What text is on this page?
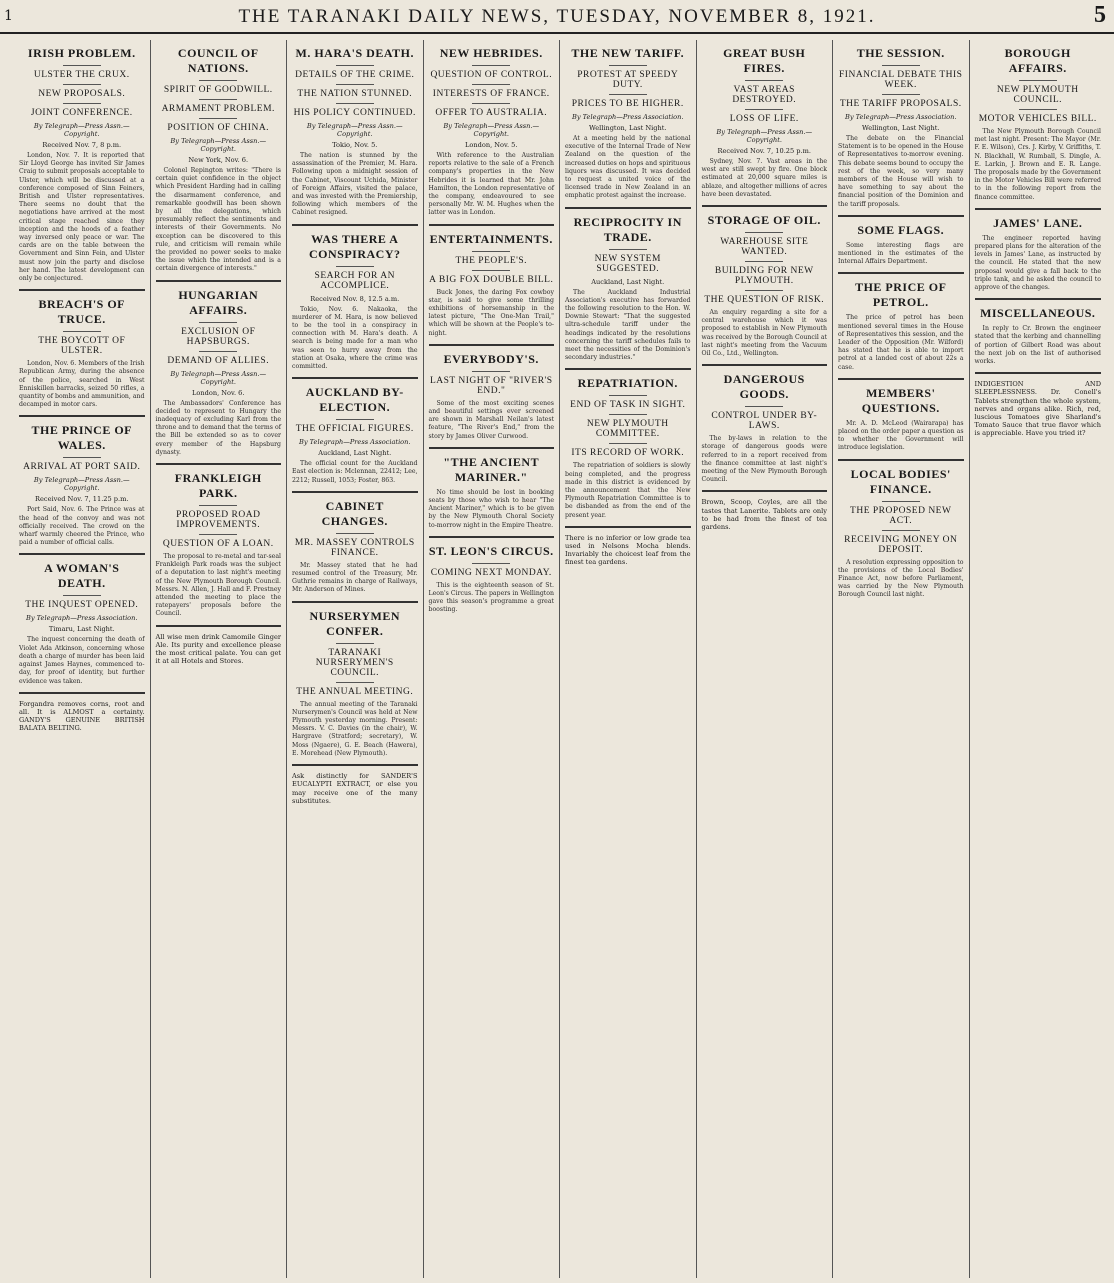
1	THE TARANAKI DAILY NEWS, TUESDAY, NOVEMBER 8, 1921.	5
IRISH PROBLEM.
ULSTER THE CRUX.
NEW PROPOSALS.
JOINT CONFERENCE.
By Telegraph—Press Assn.—Copyright.
Received Nov. 7, 8 p.m.
London, Nov. 7. It is reported that Sir Lloyd George has invited Sir James Craig to submit proposals acceptable to Ulster, which will be discussed at a conference composed of Sinn Feiners, British and Ulster representatives. There seems no doubt that the negotiations have arrived at the most critical stage reached since they inception and the hoods of a feather way inversed only peace or war. The cards are on the table between the Government and Sinn Fein, and Ulster must now join the party and disclose her hand. The latest development can only be conjectured.
BREACH'S OF TRUCE.
THE BOYCOTT OF ULSTER.
London, Nov. 6. Members of the Irish Republican Army, during the absence of the police, searched in West Enniskillen barracks, seized 50 rifles, a quantity of bombs and ammunition, and decamped in motor cars.
THE PRINCE OF WALES.
ARRIVAL AT PORT SAID.
By Telegraph—Press Assn.—Copyright.
Received Nov. 7, 11.25 p.m.
Port Said, Nov. 6. The Prince was at the head of the convoy and was not officially received. The crowd on the wharf warmly cheered the Prince, who paid a number of official calls.
A WOMAN'S DEATH.
THE INQUEST OPENED.
By Telegraph—Press Association.
Timaru, Last Night.
The inquest concerning the death of Violet Ada Atkinson, concerning whose death a charge of murder has been laid against James Haynes, commenced to-day, for proof of identity, but further evidence was taken.
Forgandra removes corns, root and all. It is ALMOST a certainty. GANDY'S GENUINE BRITISH BALATA BELTING.
COUNCIL OF NATIONS.
SPIRIT OF GOODWILL.
ARMAMENT PROBLEM.
POSITION OF CHINA.
By Telegraph—Press Assn.—Copyright.
New York, Nov. 6.
Colonel Repington writes: "There is certain quiet confidence in the object which President Harding had in calling the disarmament conference, and remarkable goodwill has been shown by all the delegations, which presumably reflect the sentiments and interests of their Governments. No exception can be discovered to this rule, and criticism will remain while the provided no power seeks to make the issue which the intended and is a certain divergence of interests."
HUNGARIAN AFFAIRS.
EXCLUSION OF HAPSBURGS.
DEMAND OF ALLIES.
By Telegraph—Press Assn.—Copyright.
London, Nov. 6.
The Ambassadors' Conference has decided to represent to Hungary the inadequacy of excluding Karl from the throne and to demand that the terms of the Bill be extended so as to cover every member of the Hapsburg dynasty.
FRANKLEIGH PARK.
PROPOSED ROAD IMPROVEMENTS.
QUESTION OF A LOAN.
The proposal to re-metal and tar-seal Frankleigh Park roads was the subject of a deputation to last night's meeting of the New Plymouth Borough Council. Messrs. N. Allen, J. Hall and F. Prestney attended the meeting to place the ratepayers' proposals before the Council.
All wise men drink Camomile Ginger Ale. Its purity and excellence please the most critical palate. You can get it at all Hotels and Stores.
M. HARA'S DEATH.
DETAILS OF THE CRIME.
THE NATION STUNNED.
HIS POLICY CONTINUED.
By Telegraph—Press Assn.—Copyright.
Tokio, Nov. 5.
The nation is stunned by the assassination of the Premier, M. Hara. Following upon a midnight session of the Cabinet, Viscount Uchida, Minister of Foreign Affairs, visited the palace, and was invested with the Premiership, following which members of the Cabinet resigned.
WAS THERE A CONSPIRACY?
SEARCH FOR AN ACCOMPLICE.
Received Nov. 8, 12.5 a.m.
Tokio, Nov. 6. Nakaoka, the murderer of M. Hara, is now believed to be the tool in a conspiracy in connection with M. Hara's death. A search is being made for a man who was seen to hurry away from the station at Osaka, where the crime was committed.
AUCKLAND BY-ELECTION.
THE OFFICIAL FIGURES.
By Telegraph—Press Association.
Auckland, Last Night.
The official count for the Auckland East election is: Mclennan, 22412; Lee, 2212; Russell, 1053; Foster, 863.
CABINET CHANGES.
MR. MASSEY CONTROLS FINANCE.
Mr. Massey stated that he had resumed control of the Treasury, Mr. Guthrie remains in charge of Railways, Mr. Anderson of Mines.
NURSERYMEN CONFER.
TARANAKI NURSERYMEN'S COUNCIL.
THE ANNUAL MEETING.
The annual meeting of the Taranaki Nurserymen's Council was held at New Plymouth yesterday morning. Present: Messrs. V. C. Davies (in the chair), W. Hargrave (Stratford; secretary), W. Moss (Ngaere), G. E. Beach (Hawera), E. Morehead (New Plymouth).
Ask distinctly for SANDER'S EUCALYPTI EXTRACT, or else you may receive one of the many substitutes.
NEW HEBRIDES.
QUESTION OF CONTROL.
INTERESTS OF FRANCE.
OFFER TO AUSTRALIA.
By Telegraph—Press Assn.—Copyright.
London, Nov. 5.
With reference to the Australian reports relative to the sale of a French company's properties in the New Hebrides it is learned that Mr. John Hamilton, the London representative of the company, endeavoured to see personally Mr. W. M. Hughes when the latter was in London.
ENTERTAINMENTS.
THE PEOPLE'S.
A BIG FOX DOUBLE BILL.
Buck Jones, the daring Fox cowboy star, is said to give some thrilling exhibitions of horsemanship in the latest picture, "The One-Man Trail," which will be shown at the People's to-night.
EVERYBODY'S.
LAST NIGHT OF "RIVER'S END."
Some of the most exciting scenes and beautiful settings ever screened are shown in Marshall Neilan's latest feature, "The River's End," from the story by James Oliver Curwood.
"THE ANCIENT MARINER."
No time should be lost in booking seats by those who wish to hear "The Ancient Mariner," which is to be given by the New Plymouth Choral Society to-morrow night in the Empire Theatre.
ST. LEON'S CIRCUS.
COMING NEXT MONDAY.
This is the eighteenth season of St. Leon's Circus. The papers in Wellington gave this season's programme a great boosting.
THE NEW TARIFF.
PROTEST AT SPEEDY DUTY.
PRICES TO BE HIGHER.
By Telegraph—Press Association.
Wellington, Last Night.
At a meeting held by the national executive of the Internal Trade of New Zealand on the question of the increased duties on hops and spirituous liquors was discussed. It was decided to request a united voice of the licensed trade in New Zealand in an emphatic protest against the increase.
RECIPROCITY IN TRADE.
NEW SYSTEM SUGGESTED.
Auckland, Last Night.
The Auckland Industrial Association's executive has forwarded the following resolution to the Hon. W. Downie Stewart: "That the suggested ultra-schedule tariff under the headings indicated by the resolutions concerning the tariff schedules fails to meet the necessities of the Dominion's secondary industries."
REPATRIATION.
END OF TASK IN SIGHT.
NEW PLYMOUTH COMMITTEE.
ITS RECORD OF WORK.
The repatriation of soldiers is slowly being completed, and the progress made in this district is evidenced by the announcement that the New Plymouth Repatriation Committee is to be disbanded as from the end of the present year.
There is no inferior or low grade tea used in Nelsons Mocha blends. Invariably the choicest leaf from the finest tea gardens.
GREAT BUSH FIRES.
VAST AREAS DESTROYED.
LOSS OF LIFE.
By Telegraph—Press Assn.—Copyright.
Received Nov. 7, 10.25 p.m.
Sydney, Nov. 7. Vast areas in the west are still swept by fire. One block estimated at 20,000 square miles is ablaze, and altogether millions of acres have been devastated.
STORAGE OF OIL.
WAREHOUSE SITE WANTED.
BUILDING FOR NEW PLYMOUTH.
THE QUESTION OF RISK.
An enquiry regarding a site for a central warehouse which it was proposed to establish in New Plymouth was received by the Borough Council at last night's meeting from the Vacuum Oil Co., Ltd., Wellington.
DANGEROUS GOODS.
CONTROL UNDER BY-LAWS.
The by-laws in relation to the storage of dangerous goods were referred to in a report received from the finance committee at last night's meeting of the New Plymouth Borough Council.
Brown, Scoop, Coyles, are all the tastes that Lanerite. Tablets are only to be had from the finest of tea gardens.
THE SESSION.
FINANCIAL DEBATE THIS WEEK.
THE TARIFF PROPOSALS.
By Telegraph—Press Association.
Wellington, Last Night.
The debate on the Financial Statement is to be opened in the House of Representatives to-morrow evening. This debate seems bound to occupy the rest of the week, so very many members of the House will wish to have something to say about the financial position of the Dominion and the tariff proposals.
SOME FLAGS.
Some interesting flags are mentioned in the estimates of the Internal Affairs Department.
THE PRICE OF PETROL.
The price of petrol has been mentioned several times in the House of Representatives this session, and the Leader of the Opposition (Mr. Wilford) has stated that he is able to import petrol at a landed cost of about 22s a case.
MEMBERS' QUESTIONS.
Mr. A. D. McLeod (Wairarapa) has placed on the order paper a question as to whether the Government will introduce legislation.
LOCAL BODIES' FINANCE.
THE PROPOSED NEW ACT.
RECEIVING MONEY ON DEPOSIT.
A resolution expressing opposition to the provisions of the Local Bodies' Finance Act, now before Parliament, was carried by the New Plymouth Borough Council last night.
BOROUGH AFFAIRS.
NEW PLYMOUTH COUNCIL.
MOTOR VEHICLES BILL.
The New Plymouth Borough Council met last night. Present: The Mayor (Mr. F. E. Wilson), Crs. J. Kirby, V. Griffiths, T. N. Blackhall, W. Rumball, S. Dingle, A. E. Larkin, J. Brown and E. R. Lange. The proposals made by the Government in the Motor Vehicles Bill were referred to in the following report from the finance committee.
JAMES' LANE.
The engineer reported having prepared plans for the alteration of the levels in James' Lane, as instructed by the council. He stated that the new proposal would give a fall back to the triple tank, and he asked the council to approve of the changes.
MISCELLANEOUS.
In reply to Cr. Brown the engineer stated that the kerbing and channelling of portion of Gilbert Road was about the next job on the list of authorised works.
INDIGESTION AND SLEEPLESSNESS. Dr. Conell's Tablets strengthen the whole system, nerves and organs alike. Rich, red, luscious Tomatoes give Sharland's Tomato Sauce that true flavor which is appreciable. Have you tried it?
